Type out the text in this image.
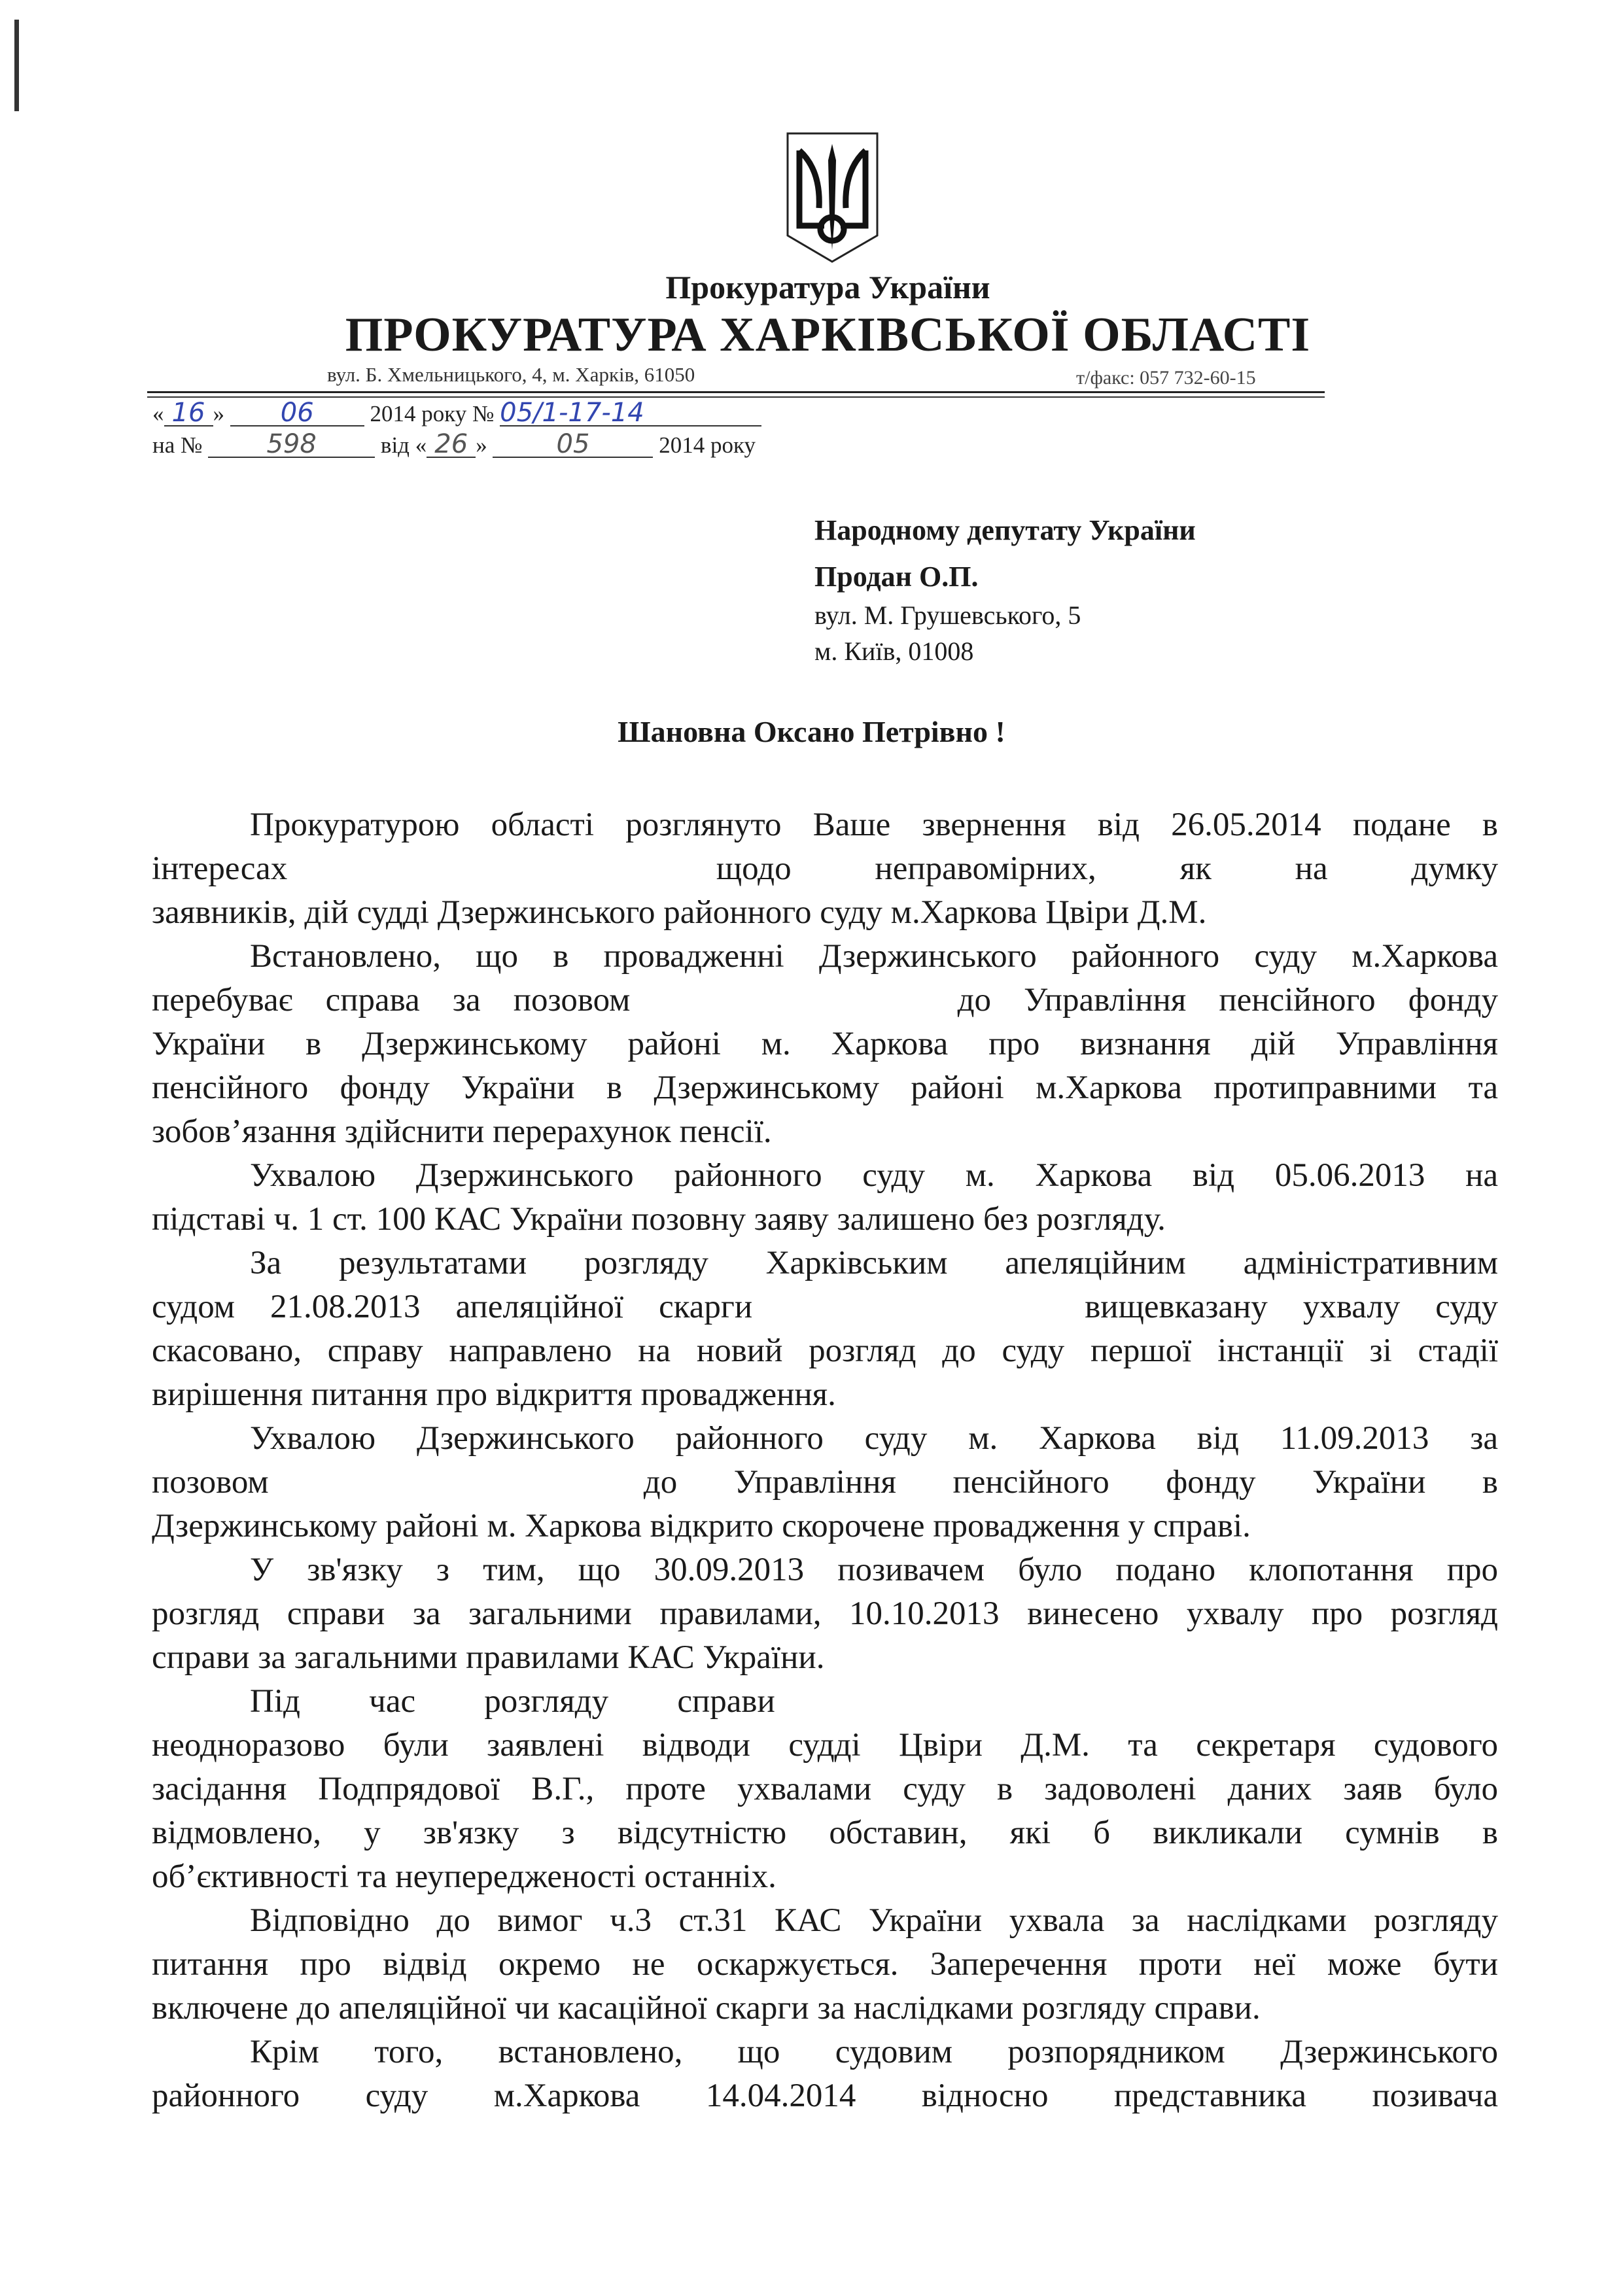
Прокуратура України
ПРОКУРАТУРА ХАРКІВСЬКОЇ ОБЛАСТІ
вул. Б. Хмельницького, 4, м. Харків, 61050	т/факс: 057 732-60-15
« 16 » 06 2014 року № 05/1-17-14
на № 598	від « 26 »	05	2014 року
Народному депутату України
Продан О.П.
вул. М. Грушевського, 5
м. Київ, 01008
Шановна Оксано Петрівно !
Прокуратурою області розглянуто Ваше звернення від 26.05.2014 подане в
інтересах	щодо неправомірних, як на думку
заявників, дій судді Дзержинського районного суду м.Харкова Цвіри Д.М.
Встановлено, що в провадженні Дзержинського районного суду м.Харкова
перебуває справа за позовом	до Управління пенсійного фонду
України в Дзержинському районі м. Харкова про визнання дій Управління
пенсійного фонду України в Дзержинському районі м.Харкова протиправними та
зобов’язання здійснити перерахунок пенсії.
Ухвалою Дзержинського районного суду м. Харкова від 05.06.2013 на
підставі ч. 1 ст. 100 КАС України позовну заяву залишено без розгляду.
За результатами розгляду Харківським апеляційним адміністративним
судом 21.08.2013 апеляційної скарги	вищевказану ухвалу суду
скасовано, справу направлено на новий розгляд до суду першої інстанції зі стадії
вирішення питання про відкриття провадження.
Ухвалою Дзержинського районного суду м. Харкова від 11.09.2013 за
позовом	до Управління пенсійного фонду України в
Дзержинському районі м. Харкова відкрито скорочене провадження у справі.
У зв'язку з тим, що 30.09.2013 позивачем було подано клопотання про
розгляд справи за загальними правилами, 10.10.2013 винесено ухвалу про розгляд
справи за загальними правилами КАС України.
Під час розгляду справи
неодноразово були заявлені відводи судді Цвіри Д.М. та секретаря судового
засідання Подпрядової В.Г., проте ухвалами суду в задоволені даних заяв було
відмовлено, у зв'язку з відсутністю обставин, які б викликали сумнів в
об’єктивності та неупередженості останніх.
Відповідно до вимог ч.3 ст.31 КАС України ухвала за наслідками розгляду
питання про відвід окремо не оскаржується. Заперечення проти неї може бути
включене до апеляційної чи касаційної скарги за наслідками розгляду справи.
Крім того, встановлено, що судовим розпорядником Дзержинського
районного суду м.Харкова 14.04.2014 відносно представника позивача
